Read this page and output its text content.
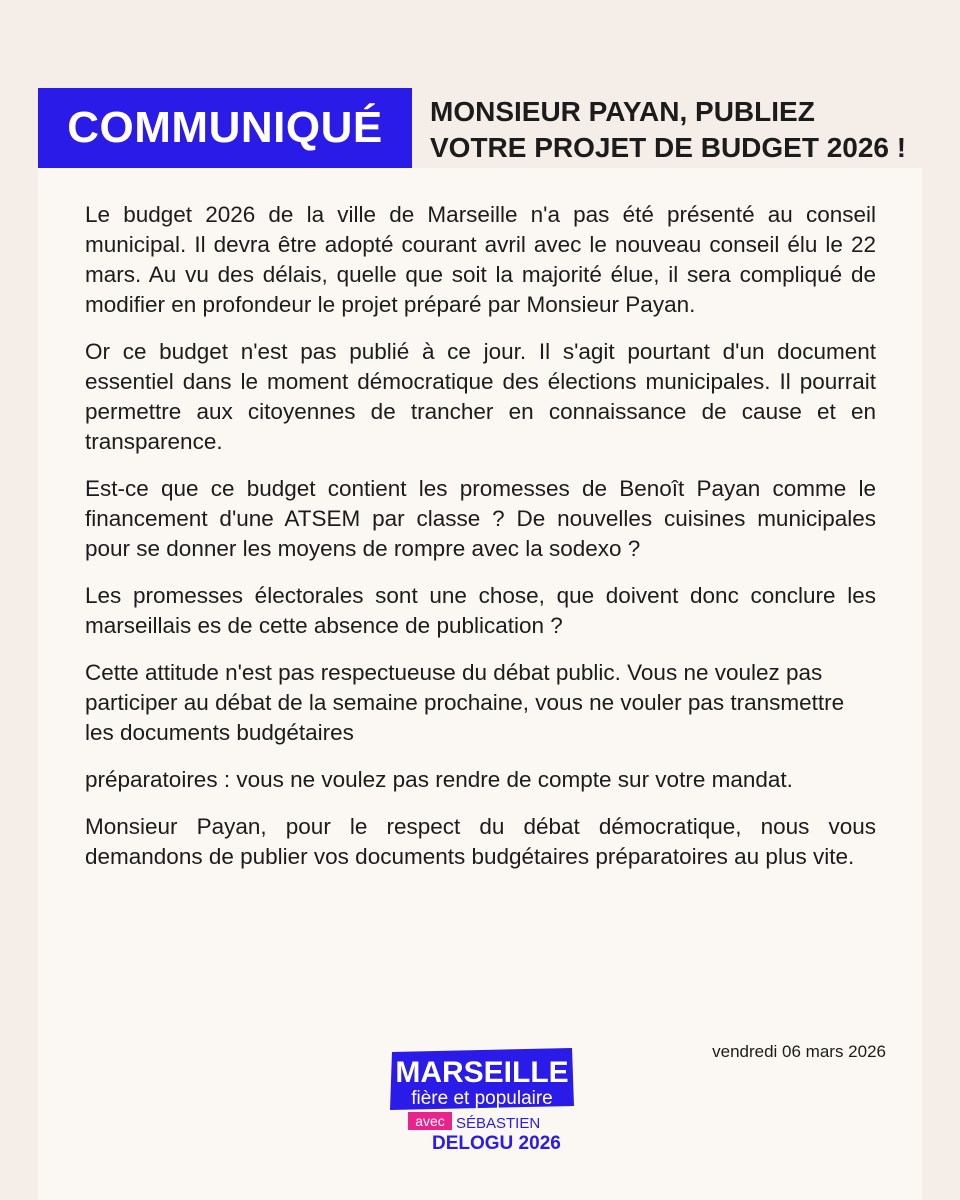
COMMUNIQUÉ MONSIEUR PAYAN, PUBLIEZ
VOTRE PROJET DE BUDGET 2026 !

Le budget 2026 de la ville de Marseille n'a pas été présenté au conseil municipal. Il devra être adopté courant avril avec le nouveau conseil élu le 22 mars. Au vu des délais, quelle que soit la majorité élue, il sera compliqué de modifier en profondeur le projet préparé par Monsieur Payan.

Or ce budget n'est pas publié à ce jour. Il s'agit pourtant d'un document essentiel dans le moment démocratique des élections municipales. Il pourrait permettre aux citoyennes de trancher en connaissance de cause et en transparence.

Est-ce que ce budget contient les promesses de Benoît Payan comme le financement d'une ATSEM par classe ? De nouvelles cuisines municipales pour se donner les moyens de rompre avec la sodexo ?

Les promesses électorales sont une chose, que doivent donc conclure les marseillais es de cette absence de publication ?

Cette attitude n'est pas respectueuse du débat public. Vous ne voulez pas participer au débat de la semaine prochaine, vous ne vouler pas transmettre les documents budgétaires

préparatoires : vous ne voulez pas rendre de compte sur votre mandat.

Monsieur Payan, pour le respect du débat démocratique, nous vous demandons de publier vos documents budgétaires préparatoires au plus vite.

vendredi 06 mars 2026
MARSEILLE
fière et populaire
avec SÉBASTIEN
DELOGU 2026
